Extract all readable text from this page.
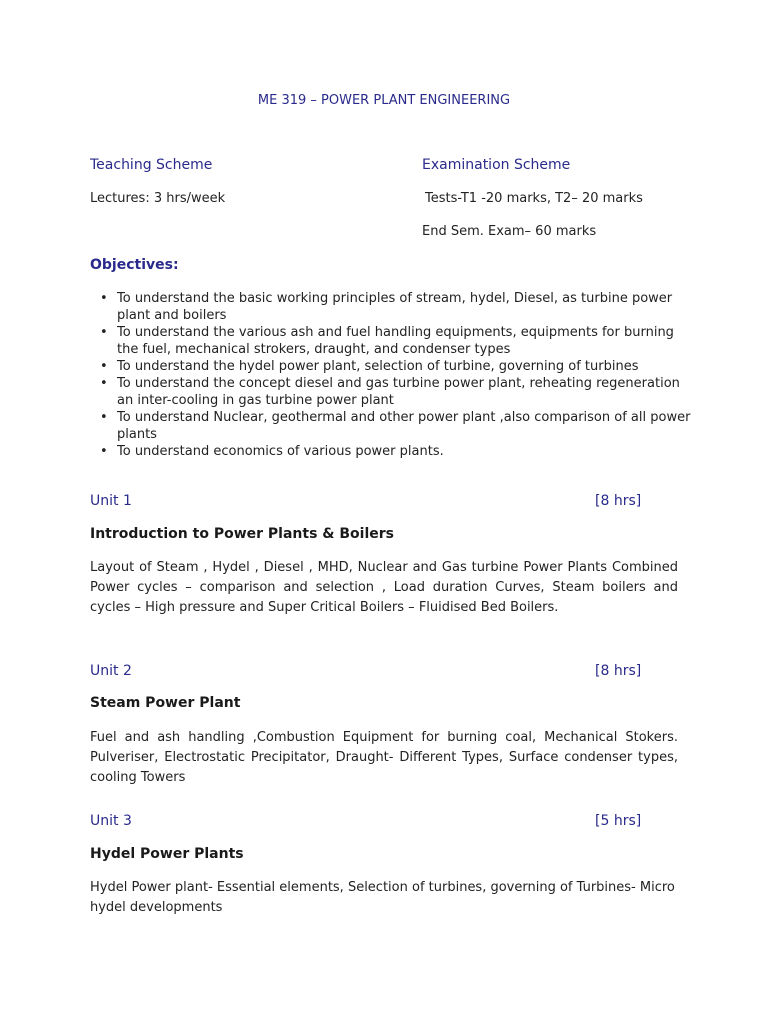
ME 319 – POWER PLANT ENGINEERING
Teaching Scheme	Examination Scheme
Lectures: 3 hrs/week	Tests-T1 -20 marks, T2– 20 marks
End Sem. Exam– 60 marks
Objectives:
• To understand the basic working principles of stream, hydel, Diesel, as turbine power plant and boilers
• To understand the various ash and fuel handling equipments, equipments for burning the fuel, mechanical strokers, draught, and condenser types
• To understand the hydel power plant, selection of turbine, governing of turbines
• To understand the concept diesel and gas turbine power plant, reheating regeneration an inter-cooling in gas turbine power plant
• To understand Nuclear, geothermal and other power plant ,also comparison of all power plants
• To understand economics of various power plants.
Unit 1	[8 hrs]
Introduction to Power Plants & Boilers
Layout of Steam , Hydel , Diesel , MHD, Nuclear and Gas turbine Power Plants Combined Power cycles – comparison and selection , Load duration Curves, Steam boilers and cycles – High pressure and Super Critical Boilers – Fluidised Bed Boilers.
Unit 2	[8 hrs]
Steam Power Plant
Fuel and ash handling ,Combustion Equipment for burning coal, Mechanical Stokers. Pulveriser, Electrostatic Precipitator, Draught- Different Types, Surface condenser types, cooling Towers
Unit 3	[5 hrs]
Hydel Power Plants
Hydel Power plant- Essential elements, Selection of turbines, governing of Turbines- Micro hydel developments
